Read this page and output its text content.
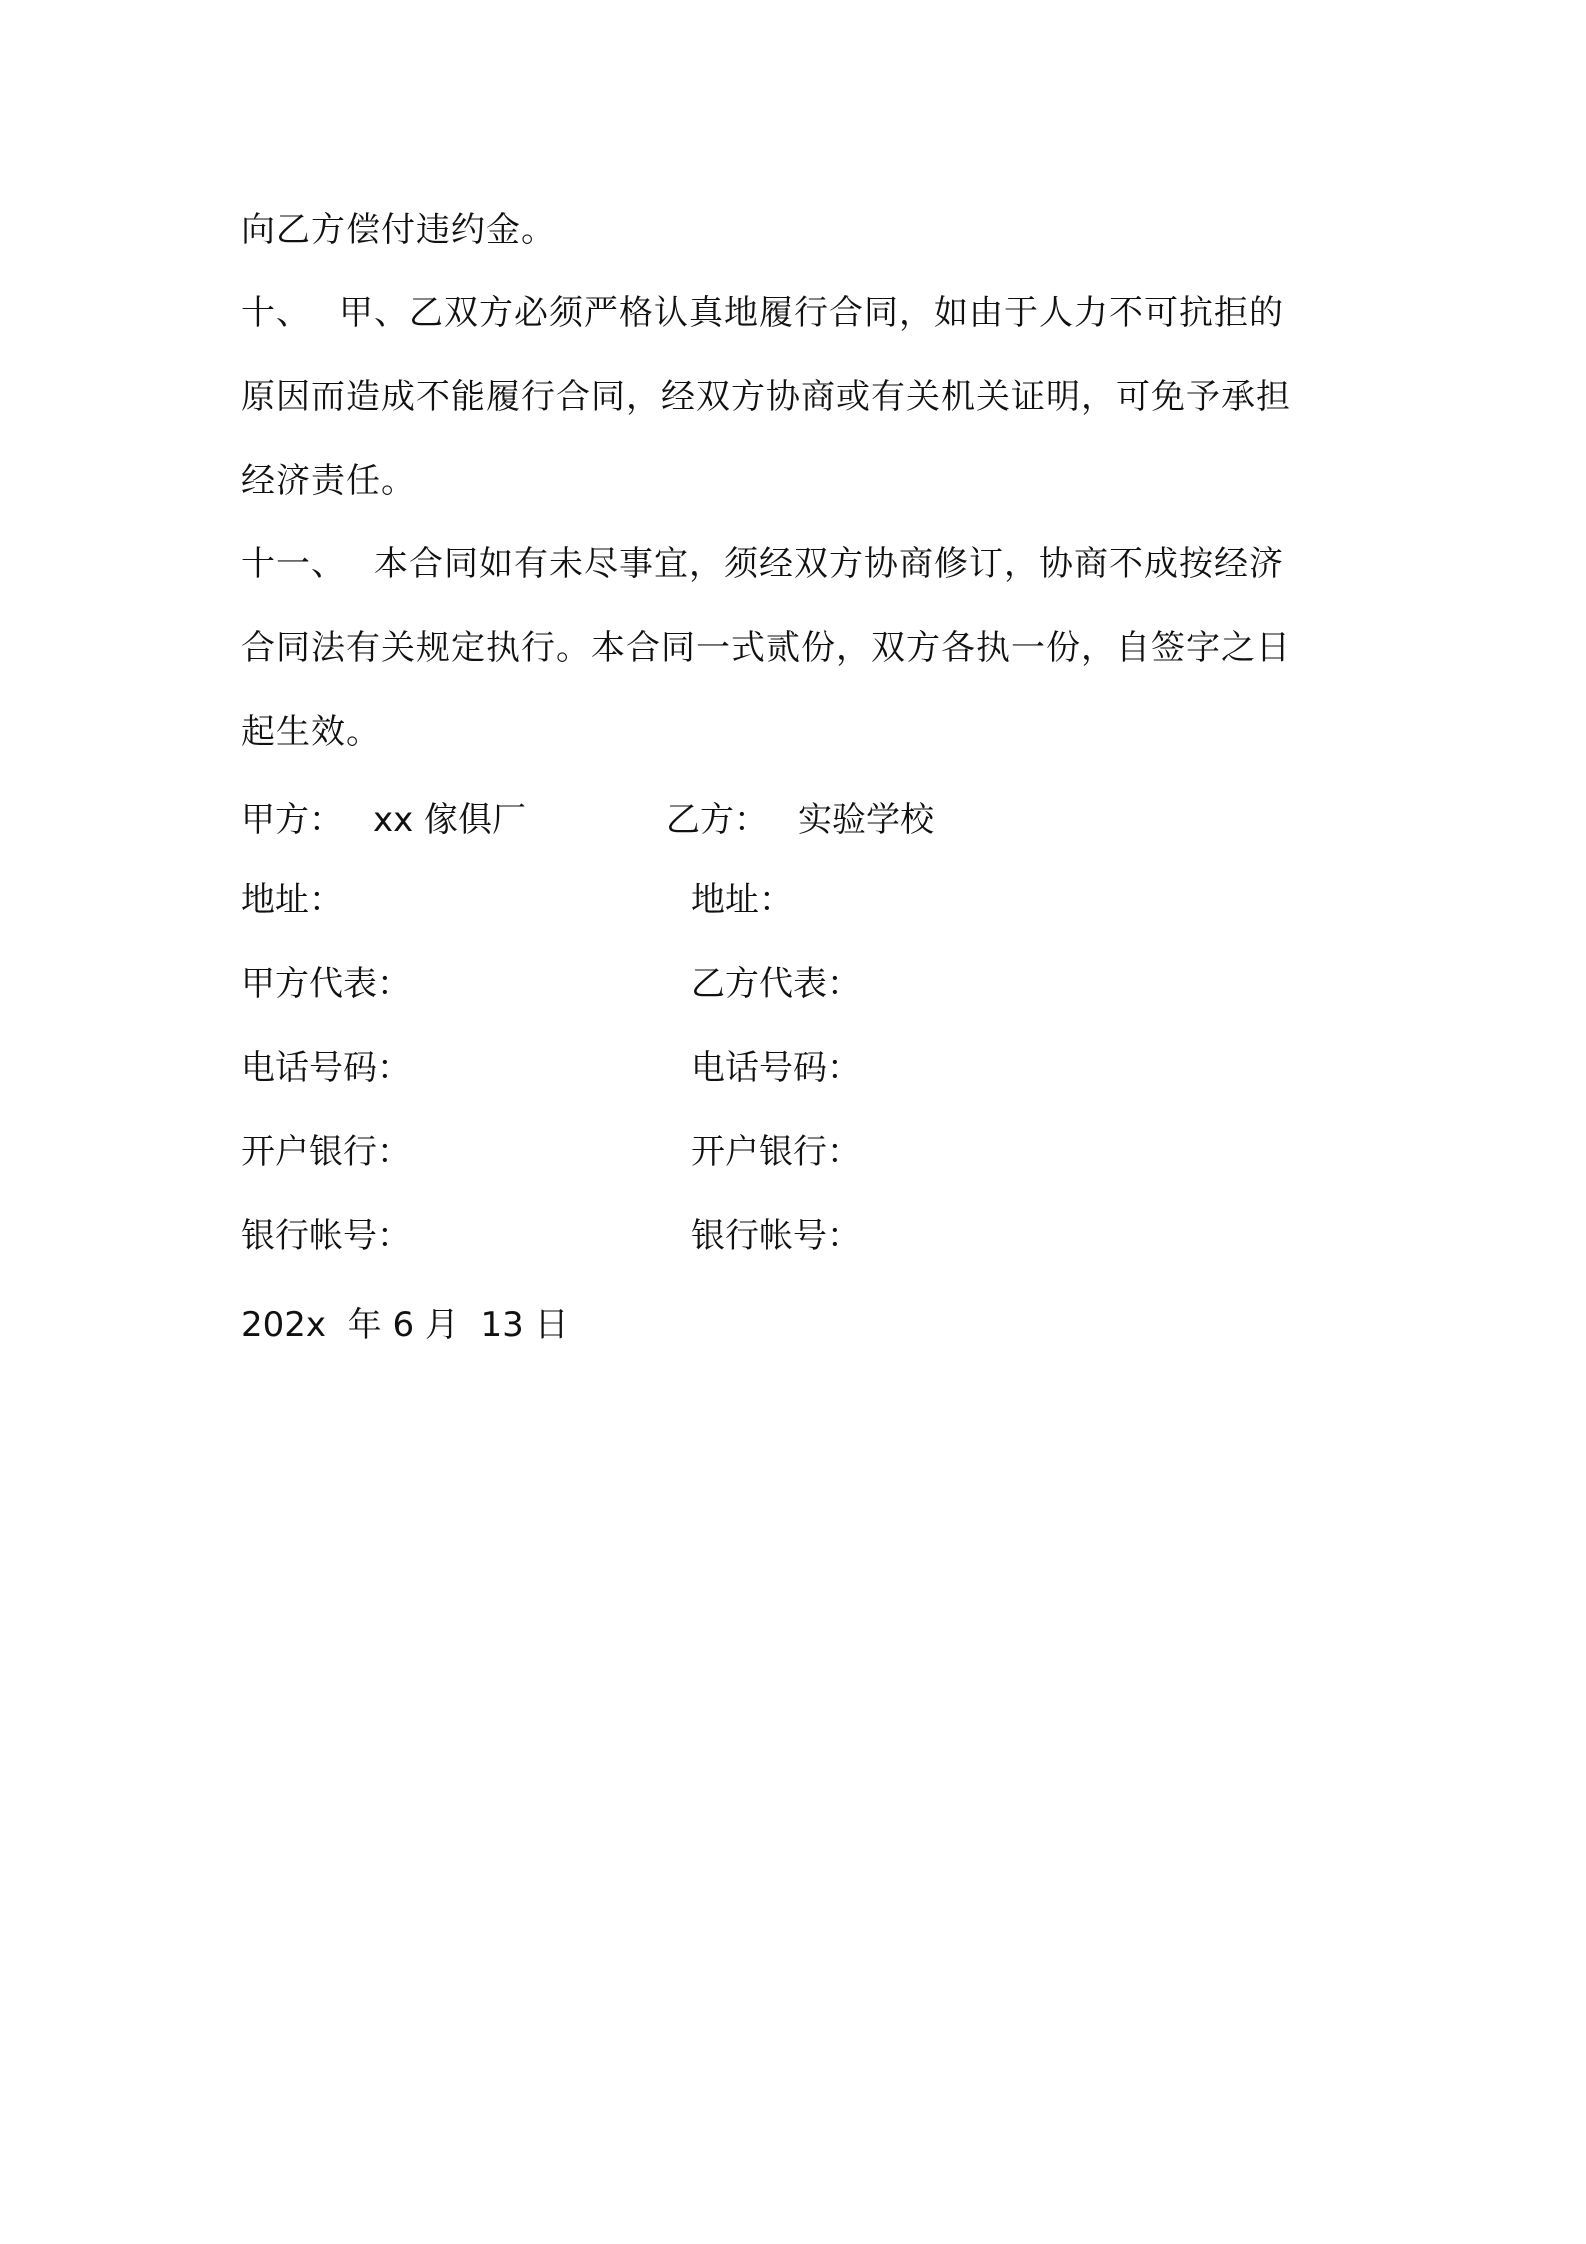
向乙方偿付违约金。

十、 甲、乙双方必须严格认真地履行合同，如由于人力不可抗拒的
原因而造成不能履行合同，经双方协商或有关机关证明，可免予承担
经济责任。

十一、 本合同如有未尽事宜，须经双方协商修订，协商不成按经济
合同法有关规定执行。本合同一式贰份，双方各执一份，自签字之日
起生效。

甲方： xx 傢俱厂	乙方： 实验学校
地址：	地址：
甲方代表：	乙方代表：
电话号码：	电话号码：
开户银行：	开户银行：
银行帐号：	银行帐号：
202x  年 6 月  13 日
